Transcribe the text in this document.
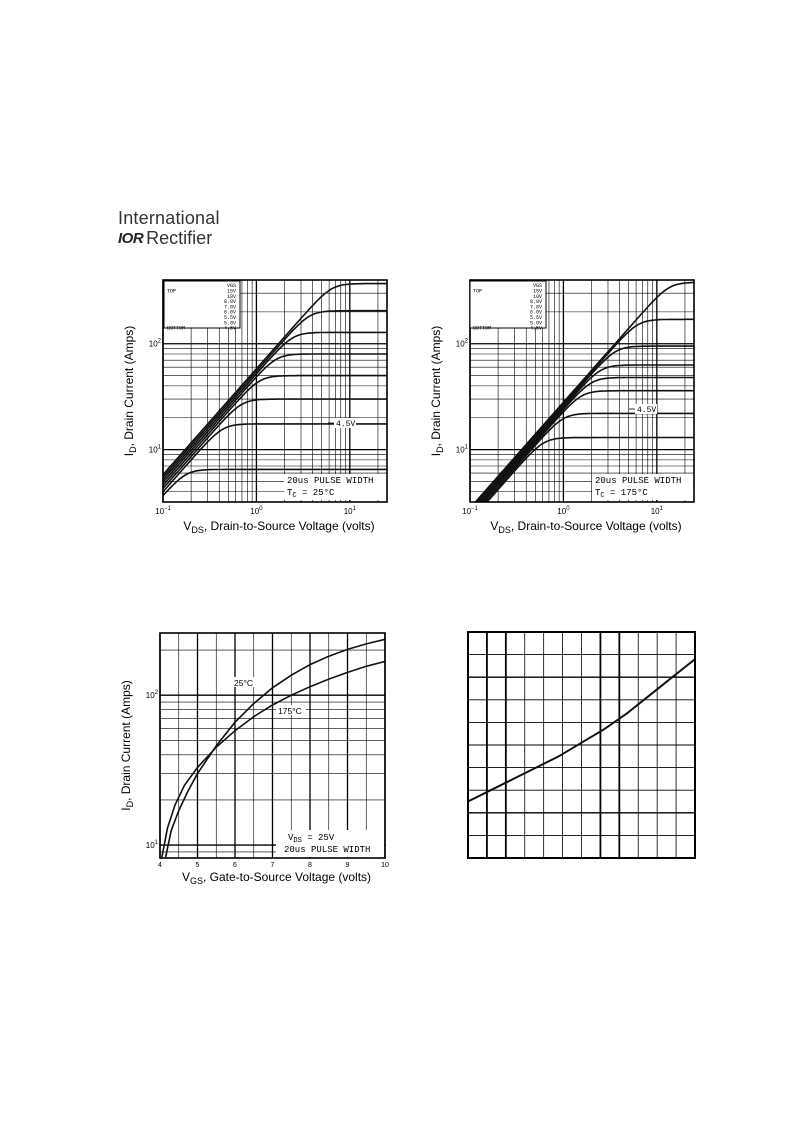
International
IOR Rectifier
VGS
TOP	15V
10V
8.0V
7.0V
6.0V
5.5V
5.0V
BOTTOM	4.5V
4.5V
20us PULSE WIDTH
$T_C = 25^\circ C$
$10^{-1}$	$10^0$	$10^1$
$10^1$
$10^2$
$I_D$, Drain Current (Amps)
$V_{DS}$, Drain-to-Source Voltage (volts)
VGS
TOP	15V
10V
8.0V
7.0V
6.0V
5.5V
5.0V
BOTTOM	4.5V
4.5V
20us PULSE WIDTH
$T_C = 175^\circ C$
$10^{-1}$	$10^0$	$10^1$
$10^1$
$10^2$
$I_D$, Drain Current (Amps)
$V_{DS}$, Drain-to-Source Voltage (volts)
25°C
175°C
$V_{DS} = 25V$
20us PULSE WIDTH
4	5	6	7	8	9	10
$10^1$
$10^2$
$I_D$, Drain Current (Amps)
$V_{GS}$, Gate-to-Source Voltage (volts)
